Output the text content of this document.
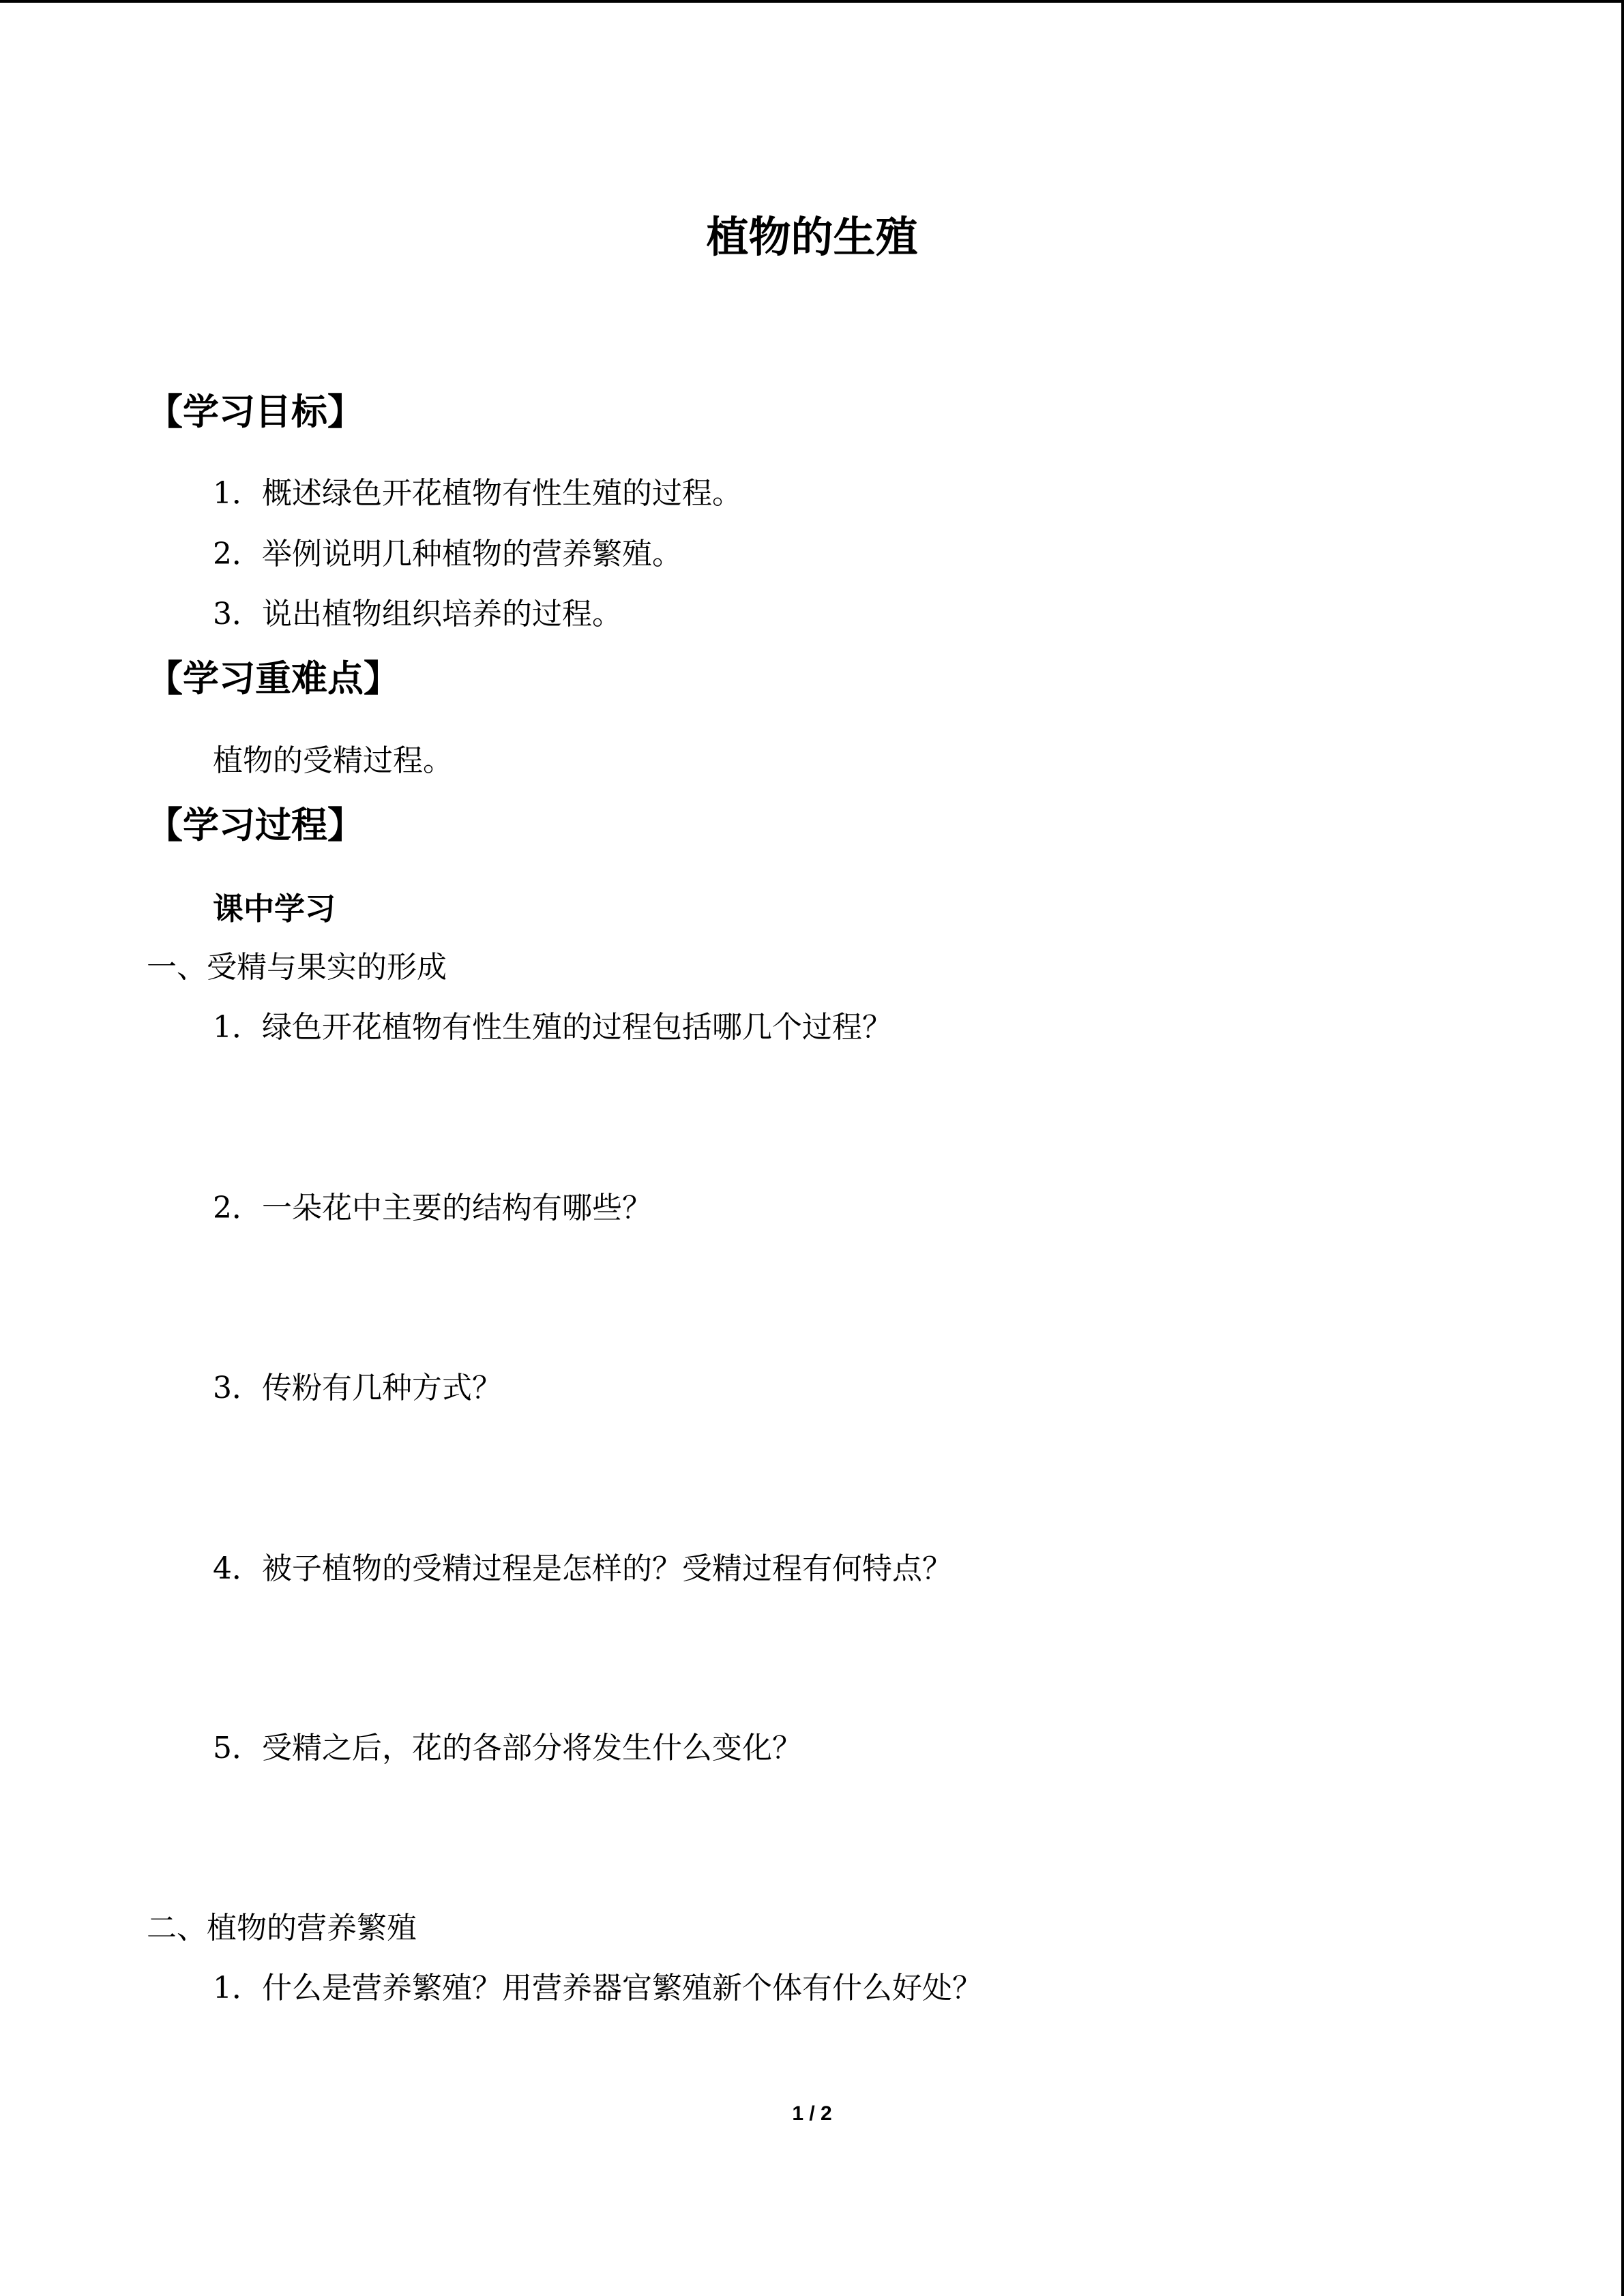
植物的生殖
【学习目标】
1．概述绿色开花植物有性生殖的过程。
2．举例说明几种植物的营养繁殖。
3．说出植物组织培养的过程。
【学习重难点】
植物的受精过程。
【学习过程】
课中学习
一、受精与果实的形成
1．绿色开花植物有性生殖的过程包括哪几个过程？
2．一朵花中主要的结构有哪些？
3．传粉有几种方式？
4．被子植物的受精过程是怎样的？受精过程有何特点？
5．受精之后，花的各部分将发生什么变化？
二、植物的营养繁殖
1．什么是营养繁殖？用营养器官繁殖新个体有什么好处？
1 / 2
